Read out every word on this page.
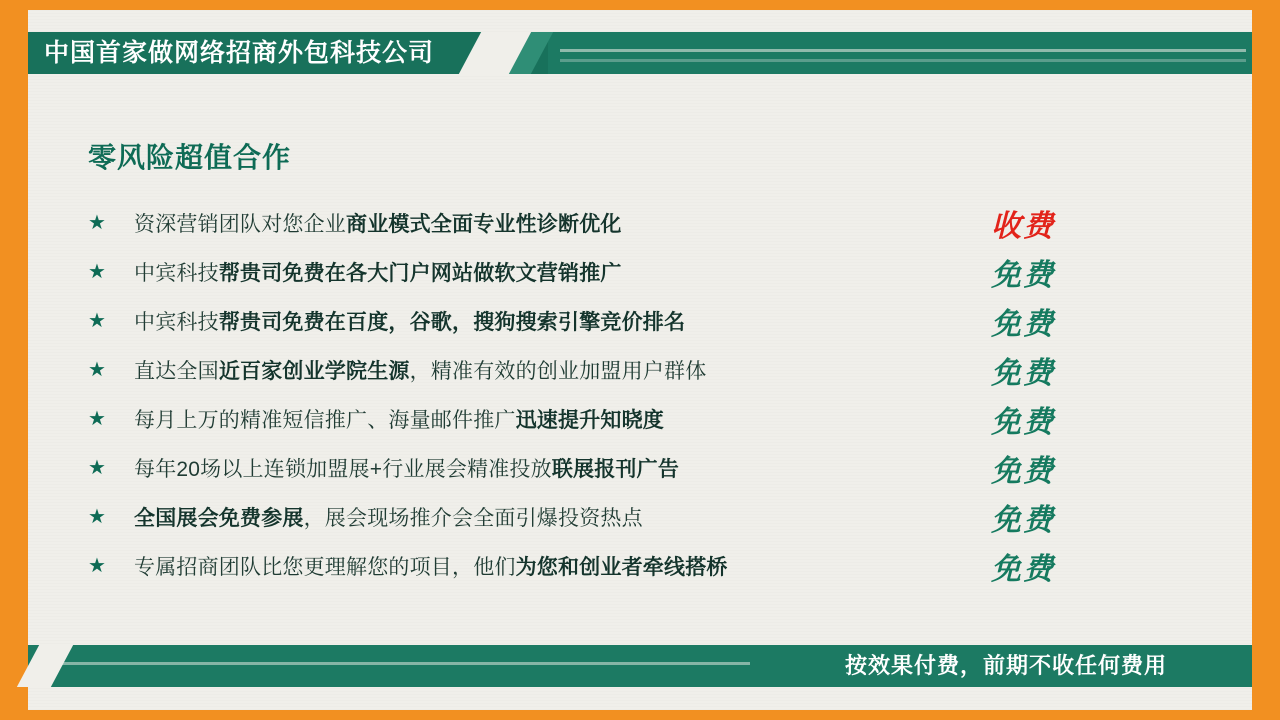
中国首家做网络招商外包科技公司
零风险超值合作
★	资深营销团队对您企业商业模式全面专业性诊断优化	收费
★	中宾科技帮贵司免费在各大门户网站做软文营销推广	免费
★	中宾科技帮贵司免费在百度，谷歌，搜狗搜索引擎竞价排名	免费
★	直达全国近百家创业学院生源，精准有效的创业加盟用户群体	免费
★	每月上万的精准短信推广、海量邮件推广迅速提升知晓度	免费
★	每年20场以上连锁加盟展+行业展会精准投放联展报刊广告	免费
★	全国展会免费参展，展会现场推介会全面引爆投资热点	免费
★	专属招商团队比您更理解您的项目，他们为您和创业者牵线搭桥	免费
按效果付费，前期不收任何费用
